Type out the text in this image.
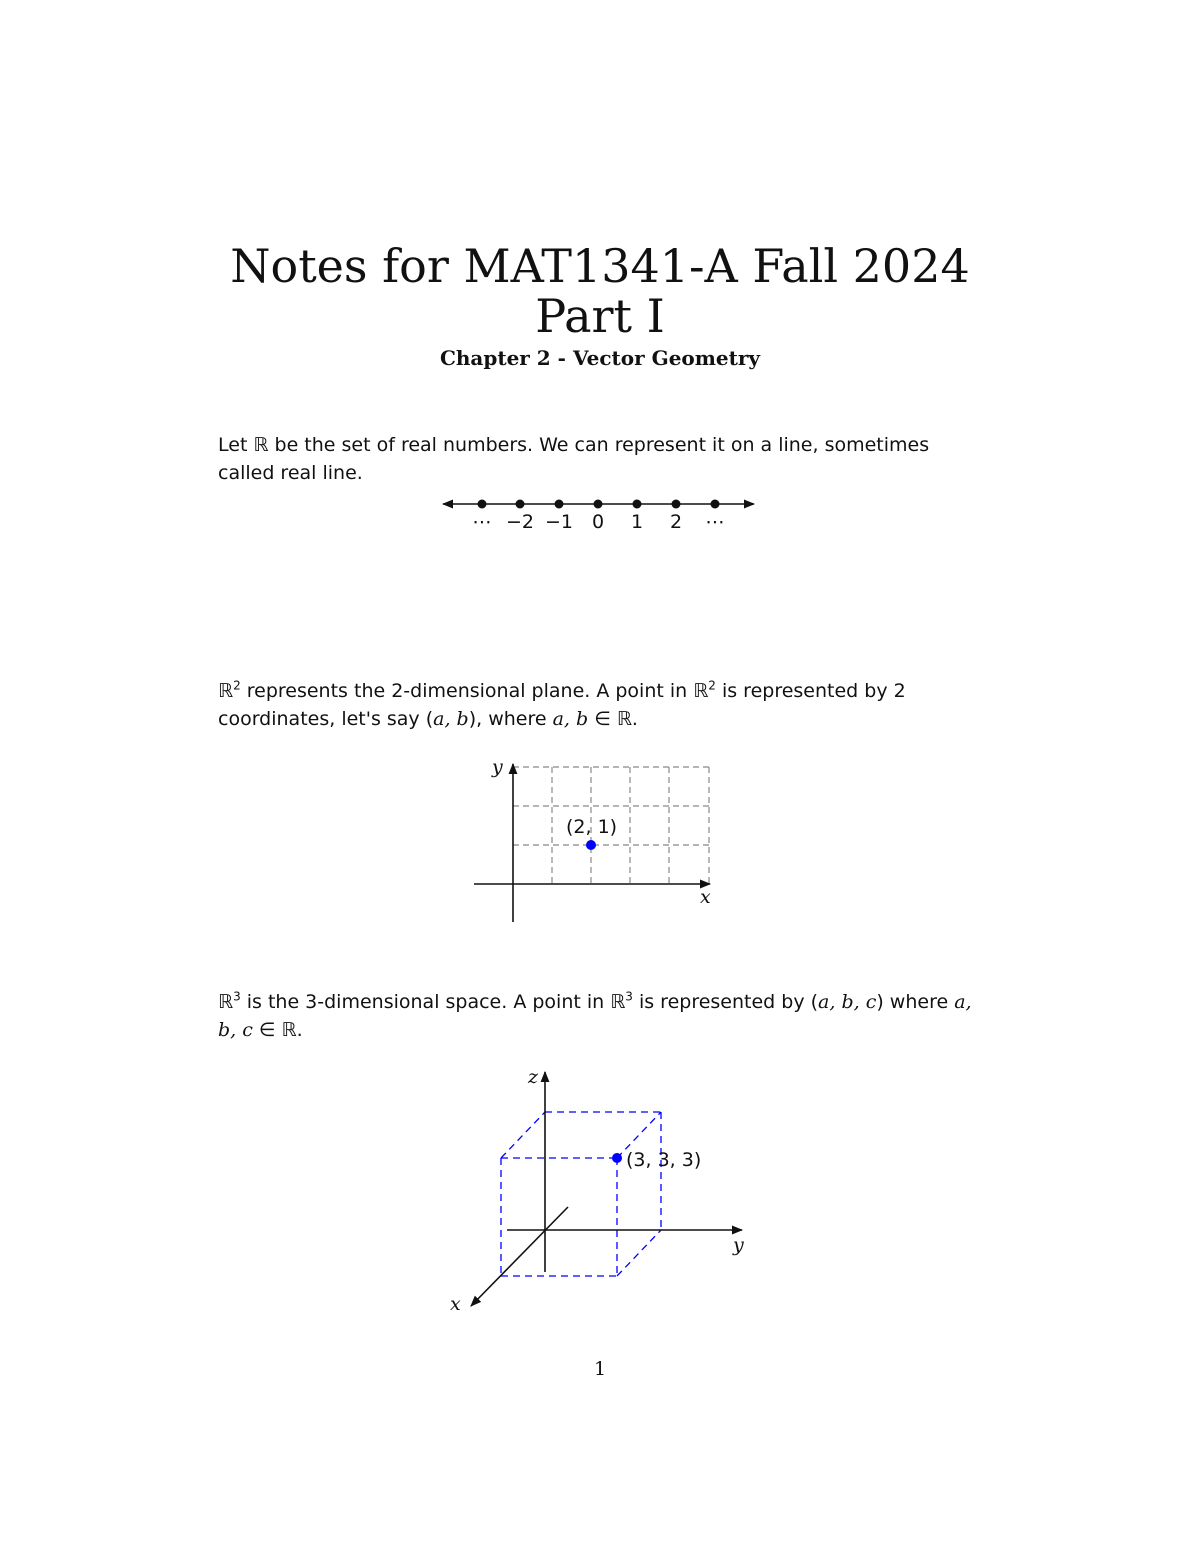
Notes for MAT1341-A Fall 2024
Part I
Chapter 2 - Vector Geometry
Let ℝ be the set of real numbers. We can represent it on a line, sometimes called real line.
⋯ −2 −1 0 1 2 ⋯
ℝ$^2$ represents the 2-dimensional plane. A point in ℝ$^2$ is represented by 2 coordinates, let's say (a, b), where a, b ∈ ℝ.
x
y
(2, 1)
ℝ$^3$ is the 3-dimensional space. A point in ℝ$^3$ is represented by (a, b, c) where a, b, c ∈ ℝ.
y
z
x
(3, 3, 3)
1
